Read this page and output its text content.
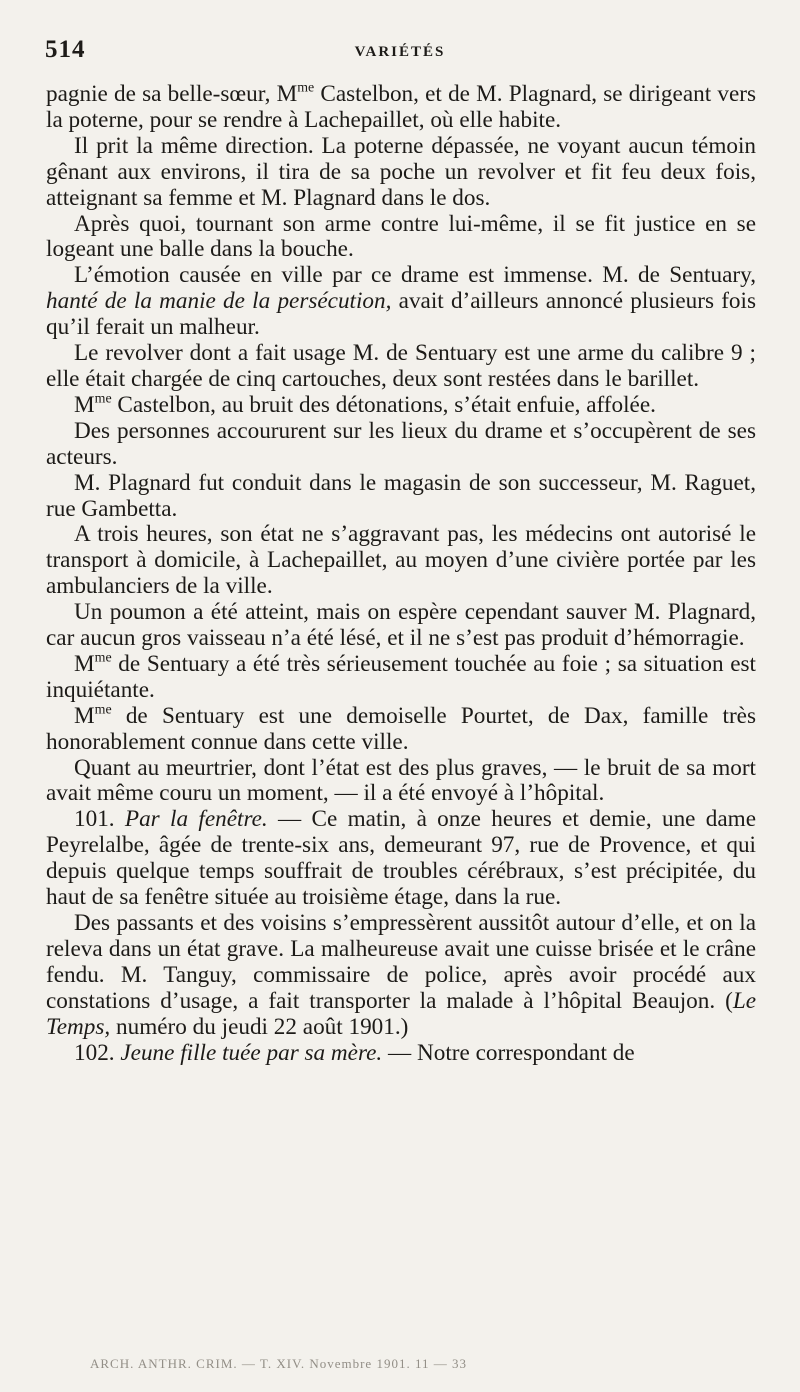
514	VARIÉTÉS

pagnie de sa belle-sœur, $M^{me}$ Castelbon, et de M. Plagnard, se dirigeant vers la poterne, pour se rendre à Lachepaillet, où elle habite.

Il prit la même direction. La poterne dépassée, ne voyant aucun témoin gênant aux environs, il tira de sa poche un revolver et fit feu deux fois, atteignant sa femme et M. Plagnard dans le dos.

Après quoi, tournant son arme contre lui-même, il se fit justice en se logeant une balle dans la bouche.

L’émotion causée en ville par ce drame est immense. M. de Sentuary, hanté de la manie de la persécution, avait d’ailleurs annoncé plusieurs fois qu’il ferait un malheur.

Le revolver dont a fait usage M. de Sentuary est une arme du calibre 9 ; elle était chargée de cinq cartouches, deux sont restées dans le barillet.

$M^{me}$ Castelbon, au bruit des détonations, s’était enfuie, affolée.

Des personnes accoururent sur les lieux du drame et s’occupèrent de ses acteurs.

M. Plagnard fut conduit dans le magasin de son successeur, M. Raguet, rue Gambetta.

A trois heures, son état ne s’aggravant pas, les médecins ont autorisé le transport à domicile, à Lachepaillet, au moyen d’une civière portée par les ambulanciers de la ville.

Un poumon a été atteint, mais on espère cependant sauver M. Plagnard, car aucun gros vaisseau n’a été lésé, et il ne s’est pas produit d’hémorragie.

$M^{me}$ de Sentuary a été très sérieusement touchée au foie ; sa situation est inquiétante.

$M^{me}$ de Sentuary est une demoiselle Pourtet, de Dax, famille très honorablement connue dans cette ville.

Quant au meurtrier, dont l’état est des plus graves, — le bruit de sa mort avait même couru un moment, — il a été envoyé à l’hôpital.

101. Par la fenêtre. — Ce matin, à onze heures et demie, une dame Peyrelalbe, âgée de trente-six ans, demeurant 97, rue de Provence, et qui depuis quelque temps souffrait de troubles cérébraux, s’est précipitée, du haut de sa fenêtre située au troisième étage, dans la rue.

Des passants et des voisins s’empressèrent aussitôt autour d’elle, et on la releva dans un état grave. La malheureuse avait une cuisse brisée et le crâne fendu. M. Tanguy, commissaire de police, après avoir procédé aux constations d’usage, a fait transporter la malade à l’hôpital Beaujon. (Le Temps, numéro du jeudi 22 août 1901.)

102. Jeune fille tuée par sa mère. — Notre correspondant de

ARCH. ANTHR. CRIM. — T. XIV. Novembre 1901. 11 — 33
